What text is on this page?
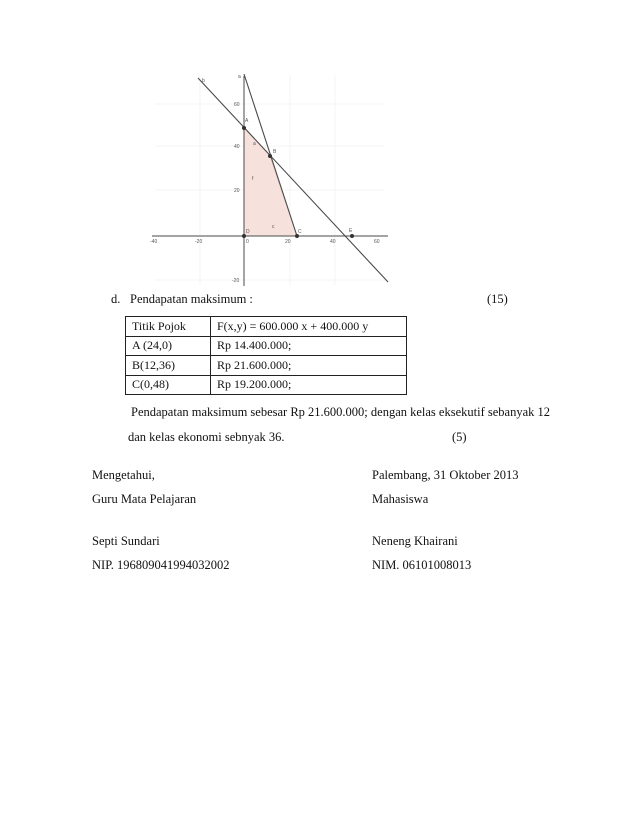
b
a
A
B
C
D	E
a
f
c
-40	-20	0	20	40	60
60
40
20
-20
d. Pendapatan maksimum :	(15)
Titik Pojok	F(x,y) = 600.000 x + 400.000 y
A (24,0)	Rp 14.400.000;
B(12,36)	Rp 21.600.000;
C(0,48)	Rp 19.200.000;
Pendapatan maksimum sebesar Rp 21.600.000; dengan kelas eksekutif sebanyak 12
dan kelas ekonomi sebnyak 36.	(5)
Mengetahui,
Guru Mata Pelajaran
Septi Sundari
NIP. 196809041994032002
Palembang, 31 Oktober 2013
Mahasiswa
Neneng Khairani
NIM. 06101008013
